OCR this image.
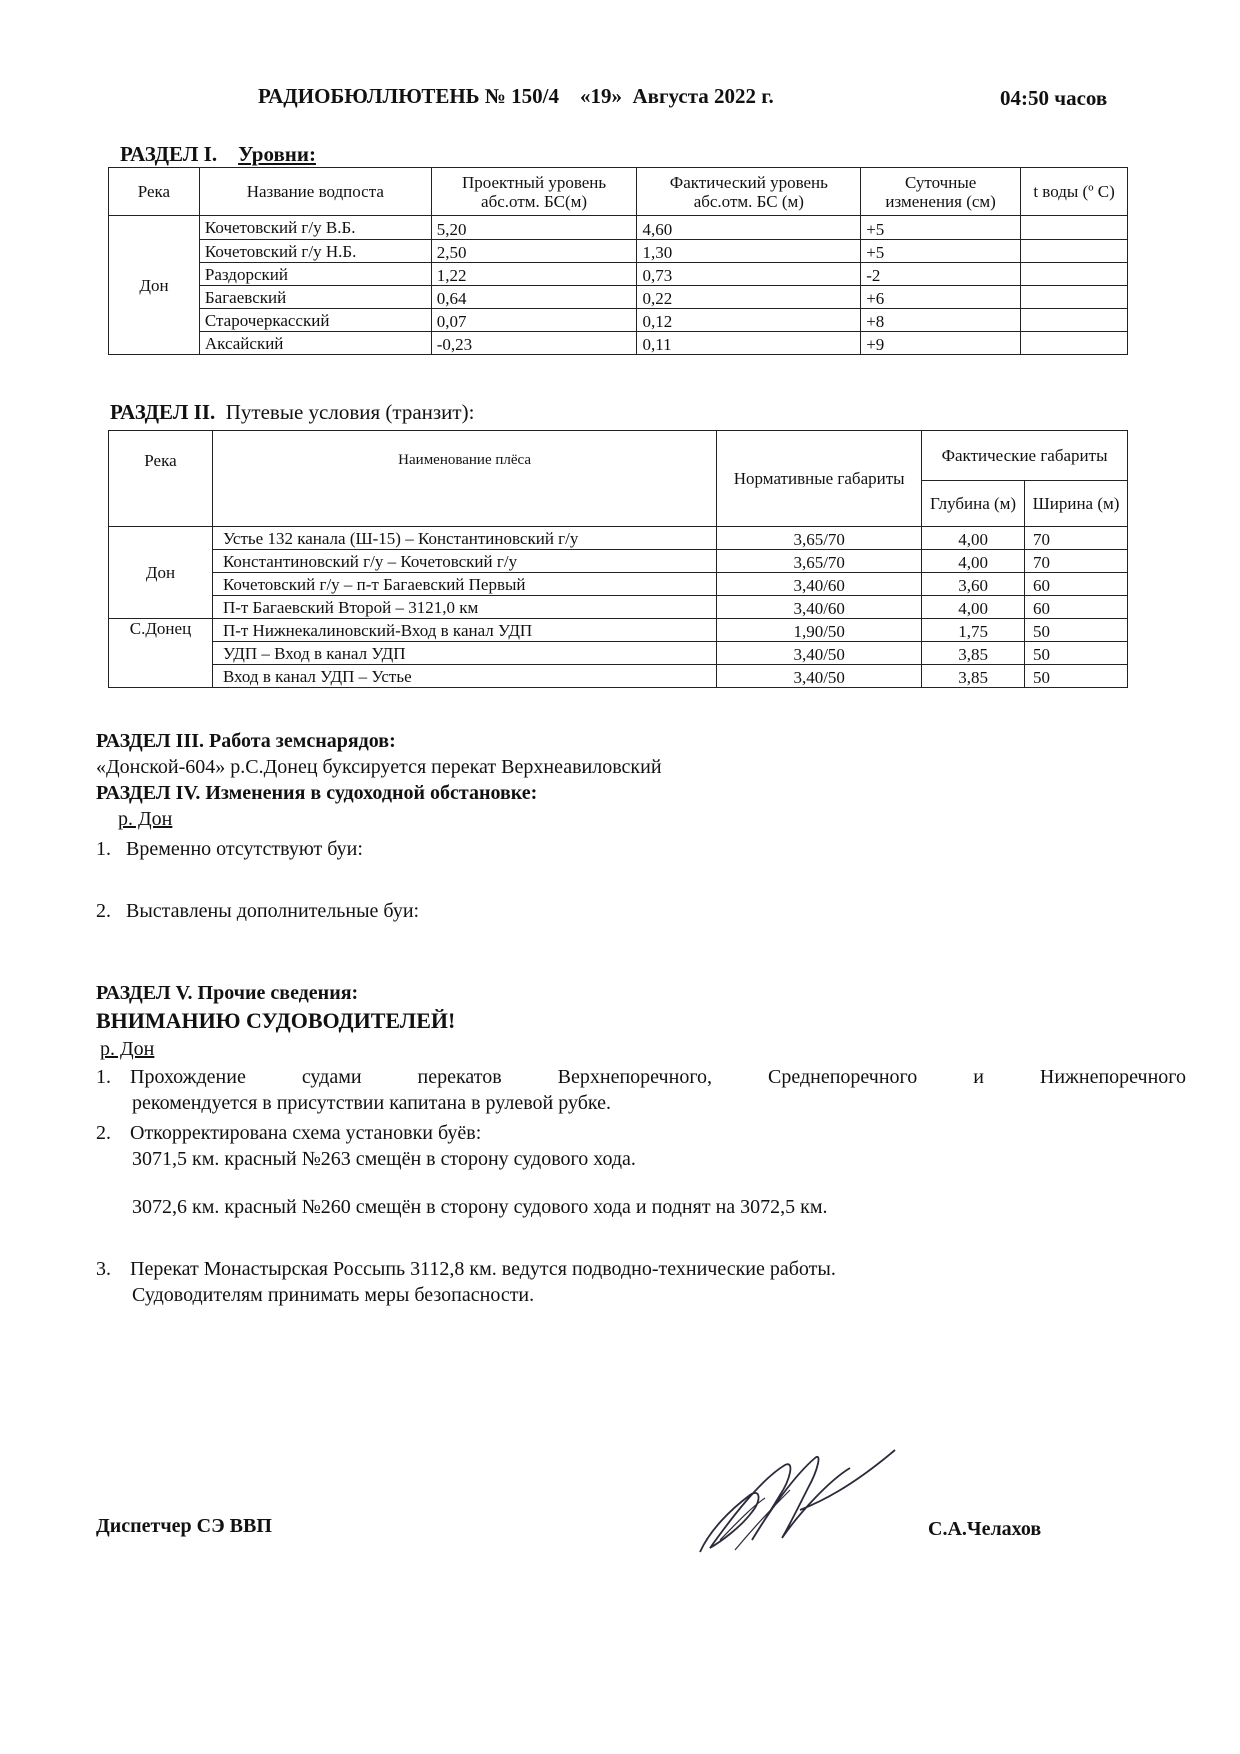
РАДИОБЮЛЛЮТЕНЬ № 150/4    «19»  Августа 2022 г.	04:50 часов
РАЗДЕЛ I. Уровни:
Река	Название водпоста	Проектный уровень абс.отм. БС(м)	Фактический уровень абс.отм. БС (м)	Суточные изменения (см)	t воды (º C)
Дон	Кочетовский г/у В.Б.	5,20	4,60	+5	
	Кочетовский г/у Н.Б.	2,50	1,30	+5	
	Раздорский	1,22	0,73	-2	
	Багаевский	0,64	0,22	+6	
	Старочеркасский	0,07	0,12	+8	
	Аксайский	-0,23	0,11	+9	
РАЗДЕЛ II. Путевые условия (транзит):
Река	Наименование плёса	Нормативные габариты	Фактические габариты	
			Глубина (м)	Ширина (м)
Дон	Устье 132 канала (Ш-15) – Константиновский г/у	3,65/70	4,00	70
	Константиновский г/у – Кочетовский г/у	3,65/70	4,00	70
	Кочетовский г/у – п-т Багаевский Первый	3,40/60	3,60	60
	П-т Багаевский Второй – 3121,0 км	3,40/60	4,00	60
С.Донец	П-т Нижнекалиновский-Вход в канал УДП	1,90/50	1,75	50
	УДП – Вход в канал УДП	3,40/50	3,85	50
	Вход в канал УДП – Устье	3,40/50	3,85	50
РАЗДЕЛ III. Работа земснарядов:
«Донской-604» р.С.Донец буксируется перекат Верхнеавиловский
РАЗДЕЛ IV. Изменения в судоходной обстановке:
р. Дон
1. Временно отсутствуют буи:
2. Выставлены дополнительные буи:
РАЗДЕЛ V. Прочие сведения:
ВНИМАНИЮ СУДОВОДИТЕЛЕЙ!
р. Дон
1. Прохождение судами перекатов Верхнепоречного, Среднепоречного и Нижнепоречного
рекомендуется в присутствии капитана в рулевой рубке.
2. Откорректирована схема установки буёв:
3071,5 км. красный №263 смещён в сторону судового хода.
3072,6 км. красный №260 смещён в сторону судового хода и поднят на 3072,5 км.
3. Перекат Монастырская Россыпь 3112,8 км. ведутся подводно-технические работы.
Судоводителям принимать меры безопасности.
Диспетчер СЭ ВВП	С.А.Челахов
